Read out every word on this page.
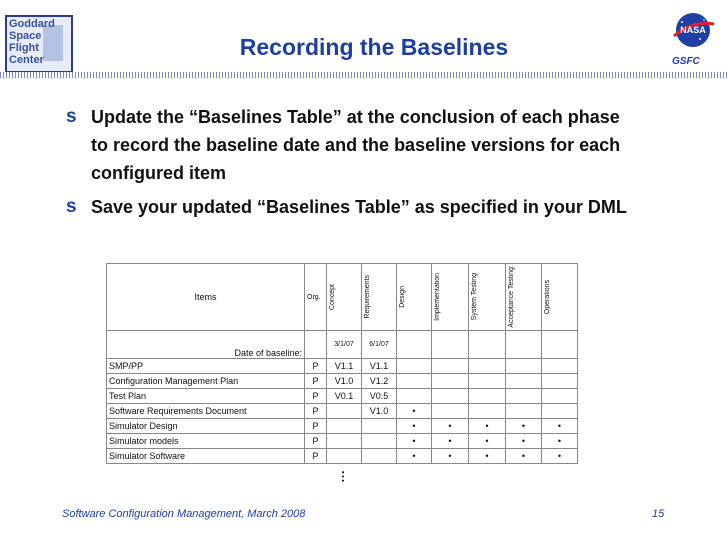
Goddard
Space
Flight
Center	Recording the Baselines
NASA
GSFC
s Update the “Baselines Table” at the conclusion of each phase to record the baseline date and the baseline versions for each configured item
s Save your updated “Baselines Table” as specified in your DML
Items	Org.	Concept	Requirements	Design	Implementation	System Testing	Acceptance Testing	Operations

Date of baseline:		3/1/07	6/1/07					
SMP/PP	P	V1.1	V1.1					
Configuration Management Plan	P	V1.0	V1.2					
Test Plan	P	V0.1	V0.5					
Software Requirements Document	P		V1.0	•				
Simulator Design	P			•	•	•	•	•
Simulator models	P			•	•	•	•	•
Simulator Software	P			•	•	•	•	•
…
Software Configuration Management, March 2008	15
